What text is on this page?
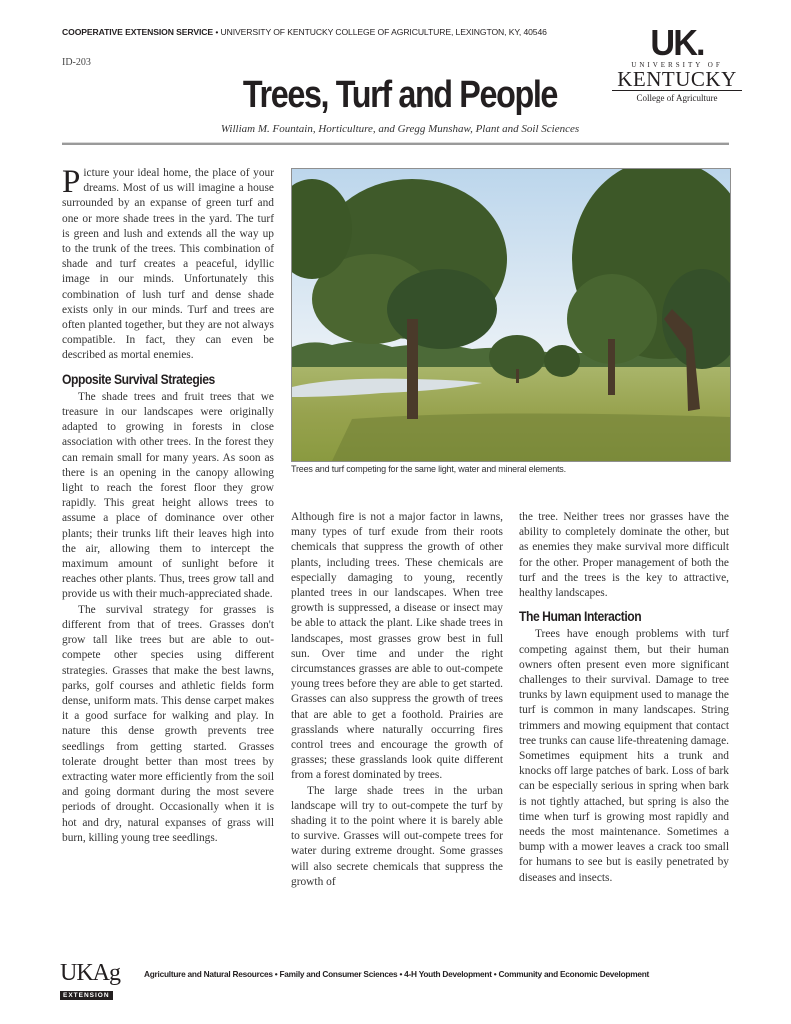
COOPERATIVE EXTENSION SERVICE • UNIVERSITY OF KENTUCKY COLLEGE OF AGRICULTURE, LEXINGTON, KY, 40546
ID-203	UK.
UNIVERSITY OF
KENTUCKY
College of Agriculture
Trees, Turf and People
William M. Fountain, Horticulture, and Gregg Munshaw, Plant and Soil Sciences

Picture your ideal home, the place of your dreams. Most of us will imagine a house surrounded by an expanse of green turf and one or more shade trees in the yard. The turf is green and lush and extends all the way up to the trunk of the trees. This combination of shade and turf creates a peaceful, idyllic image in our minds. Unfortunately this combination of lush turf and dense shade exists only in our minds. Turf and trees are often planted together, but they are not always compatible. In fact, they can even be described as mortal enemies.

Opposite Survival Strategies

The shade trees and fruit trees that we treasure in our landscapes were originally adapted to growing in forests in close association with other trees. In the forest they can remain small for many years. As soon as there is an opening in the canopy allowing light to reach the forest floor they grow rapidly. This great height allows trees to assume a place of dominance over other plants; their trunks lift their leaves high into the air, allowing them to intercept the maximum amount of sunlight before it reaches other plants. Thus, trees grow tall and provide us with their much-appreciated shade.

The survival strategy for grasses is different from that of trees. Grasses don't grow tall like trees but are able to out-compete other species using different strategies. Grasses that make the best lawns, parks, golf courses and athletic fields form dense, uniform mats. This dense carpet makes it a good surface for walking and play. In nature this dense growth prevents tree seedlings from getting started. Grasses tolerate drought better than most trees by extracting water more efficiently from the soil and going dormant during the most severe periods of drought. Occasionally when it is hot and dry, natural expanses of grass will burn, killing young tree seedlings.

Trees and turf competing for the same light, water and mineral elements.

Although fire is not a major factor in lawns, many types of turf exude from their roots chemicals that suppress the growth of other plants, including trees. These chemicals are especially damaging to young, recently planted trees in our landscapes. When tree growth is suppressed, a disease or insect may be able to attack the plant. Like shade trees in landscapes, most grasses grow best in full sun. Over time and under the right circumstances grasses are able to out-compete young trees before they are able to get started. Grasses can also suppress the growth of trees that are able to get a foothold. Prairies are grasslands where naturally occurring fires control trees and encourage the growth of grasses; these grasslands look quite different from a forest dominated by trees.

The large shade trees in the urban landscape will try to out-compete the turf by shading it to the point where it is barely able to survive. Grasses will out-compete trees for water during extreme drought. Some grasses will also secrete chemicals that suppress the growth of

the tree. Neither trees nor grasses have the ability to completely dominate the other, but as enemies they make survival more difficult for the other. Proper management of both the turf and the trees is the key to attractive, healthy landscapes.

The Human Interaction

Trees have enough problems with turf competing against them, but their human owners often present even more significant challenges to their survival. Damage to tree trunks by lawn equipment used to manage the turf is common in many landscapes. String trimmers and mowing equipment that contact tree trunks can cause life-threatening damage. Sometimes equipment hits a trunk and knocks off large patches of bark. Loss of bark can be especially serious in spring when bark is not tightly attached, but spring is also the time when turf is growing most rapidly and needs the most maintenance. Sometimes a bump with a mower leaves a crack too small for humans to see but is easily penetrated by diseases and insects.

UKAg
EXTENSION
Agriculture and Natural Resources • Family and Consumer Sciences • 4-H Youth Development • Community and Economic Development
